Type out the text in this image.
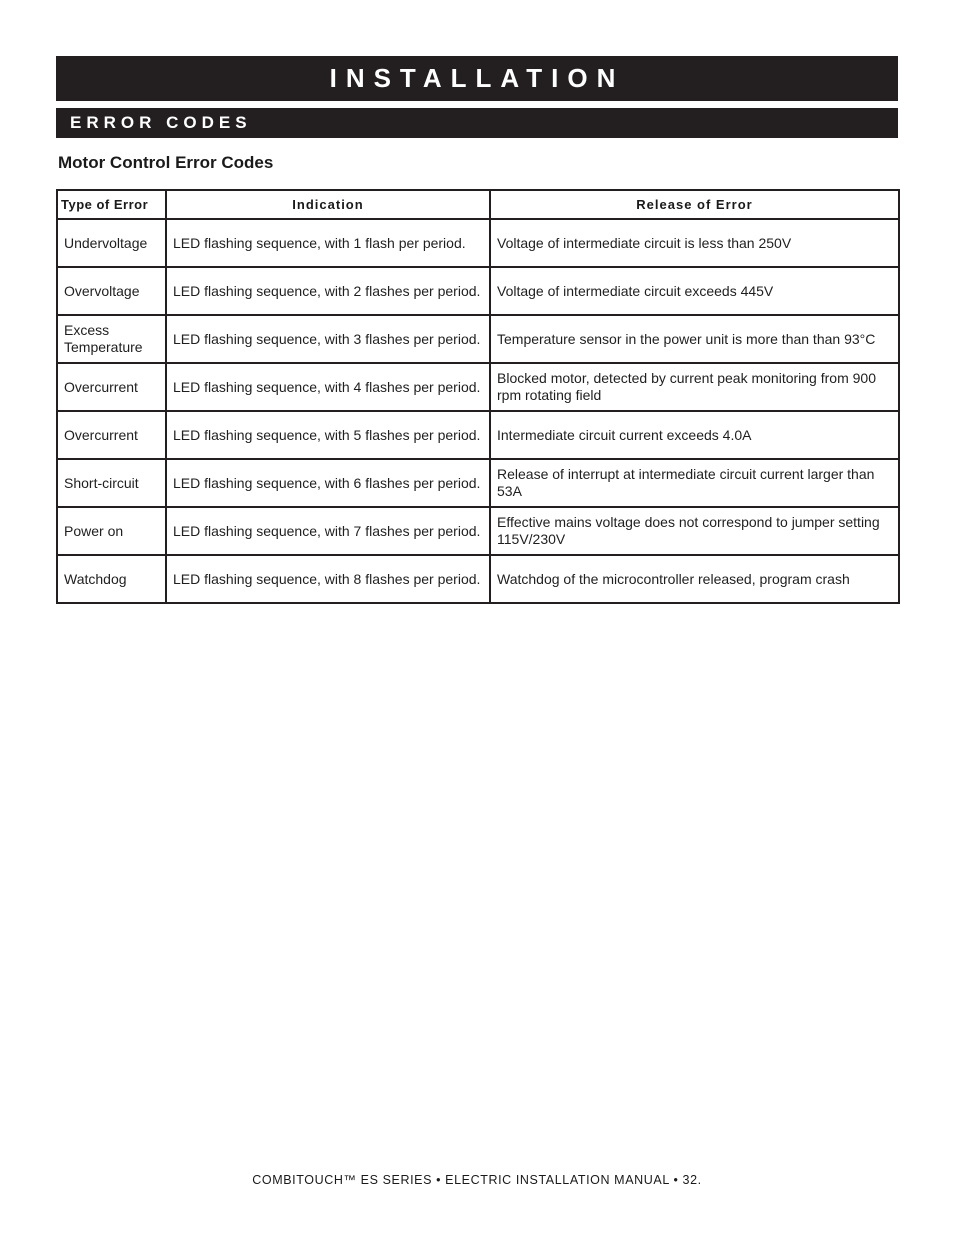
INSTALLATION
ERROR CODES
Motor Control Error Codes
Type of Error	Indication	Release of Error
Undervoltage	LED flashing sequence, with 1 flash per period.	Voltage of intermediate circuit is less than 250V
Overvoltage	LED flashing sequence, with 2 flashes per period.	Voltage of intermediate circuit exceeds 445V
Excess Temperature	LED flashing sequence, with 3 flashes per period.	Temperature sensor in the power unit is more than than 93°C
Overcurrent	LED flashing sequence, with 4 flashes per period.	Blocked motor, detected by current peak monitoring from 900 rpm rotating field
Overcurrent	LED flashing sequence, with 5 flashes per period.	Intermediate circuit current exceeds 4.0A
Short-circuit	LED flashing sequence, with 6 flashes per period.	Release of interrupt at intermediate circuit current larger than 53A
Power on	LED flashing sequence, with 7 flashes per period.	Effective mains voltage does not correspond to jumper setting 115V/230V
Watchdog	LED flashing sequence, with 8 flashes per period.	Watchdog of the microcontroller released, program crash
COMBITOUCH™ ES SERIES • ELECTRIC INSTALLATION MANUAL • 32.
